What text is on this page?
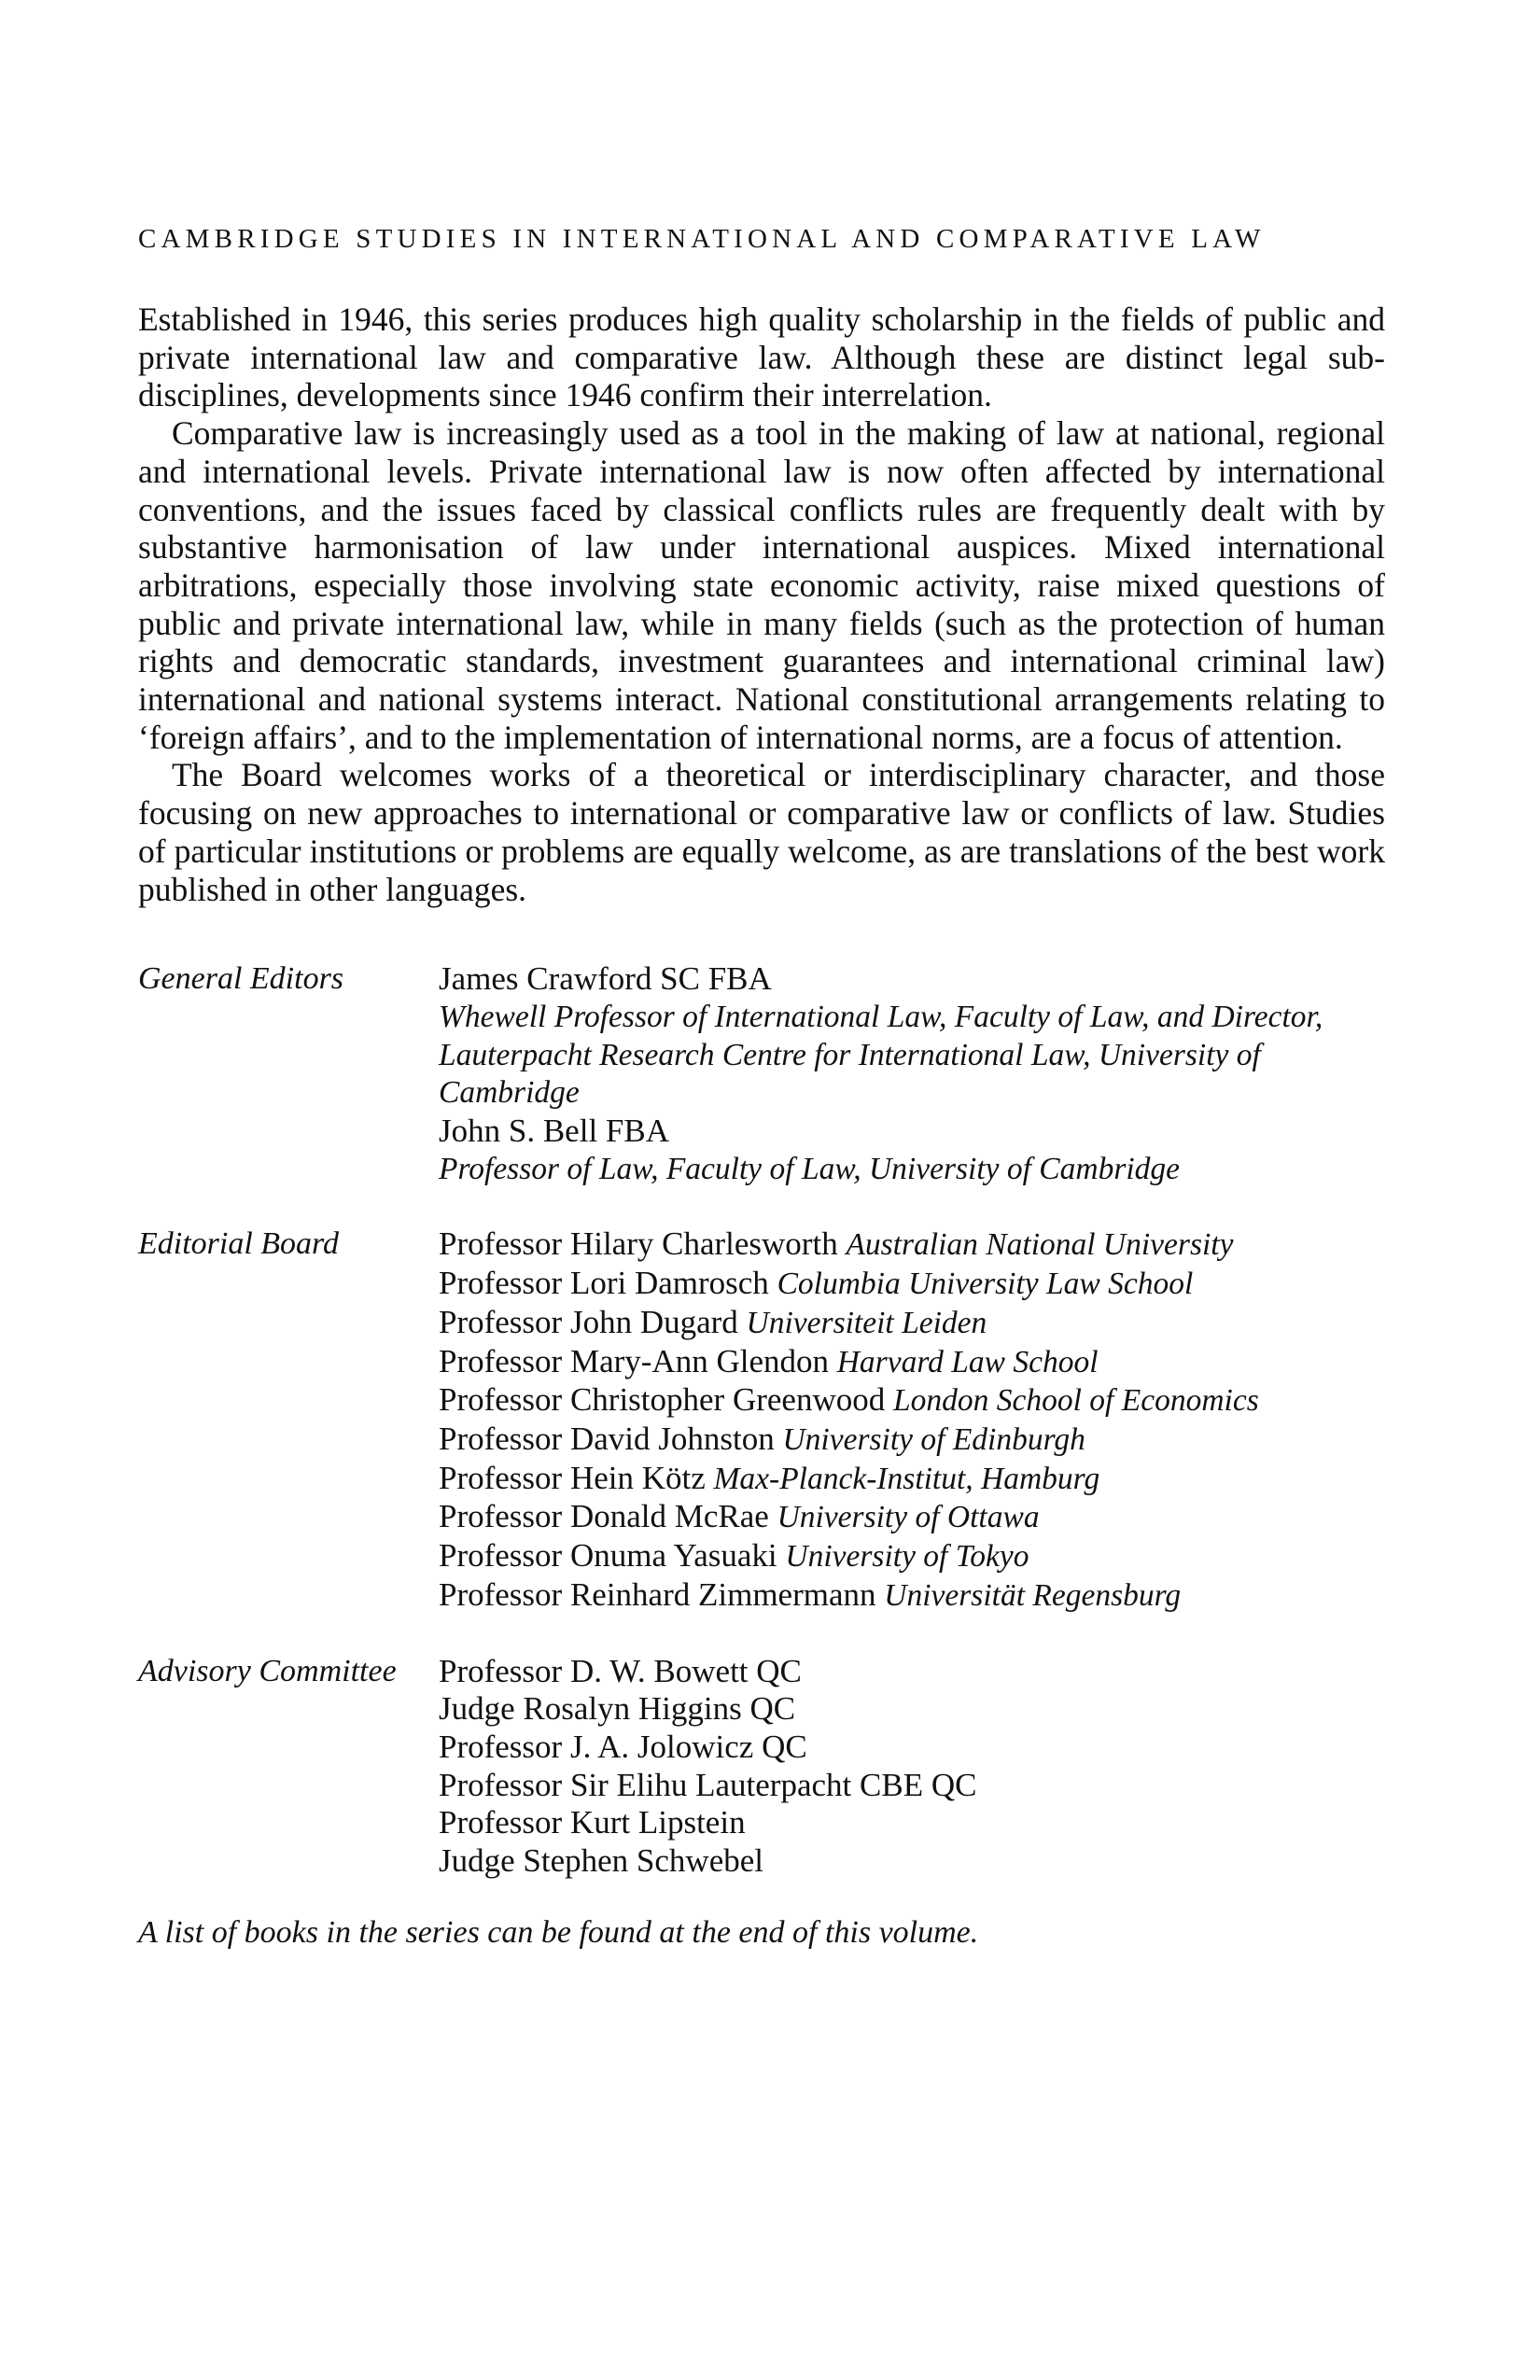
CAMBRIDGE STUDIES IN INTERNATIONAL AND COMPARATIVE LAW

Established in 1946, this series produces high quality scholarship in the fields of public and private international law and comparative law. Although these are distinct legal sub-disciplines, developments since 1946 confirm their interrelation.

Comparative law is increasingly used as a tool in the making of law at national, regional and international levels. Private international law is now often affected by international conventions, and the issues faced by classical conflicts rules are frequently dealt with by substantive harmonisation of law under international auspices. Mixed international arbitrations, especially those involving state economic activity, raise mixed questions of public and private international law, while in many fields (such as the protection of human rights and democratic standards, investment guarantees and international criminal law) international and national systems interact. National constitutional arrangements relating to ‘foreign affairs’, and to the implementation of international norms, are a focus of attention.

The Board welcomes works of a theoretical or interdisciplinary character, and those focusing on new approaches to international or comparative law or conflicts of law. Studies of particular institutions or problems are equally welcome, as are translations of the best work published in other languages.

General Editors	James Crawford SC FBA
Whewell Professor of International Law, Faculty of Law, and Director, Lauterpacht Research Centre for International Law, University of Cambridge
John S. Bell FBA
Professor of Law, Faculty of Law, University of Cambridge
Editorial Board	Professor Hilary Charlesworth Australian National University
Professor Lori Damrosch Columbia University Law School
Professor John Dugard Universiteit Leiden
Professor Mary-Ann Glendon Harvard Law School
Professor Christopher Greenwood London School of Economics
Professor David Johnston University of Edinburgh
Professor Hein Kötz Max-Planck-Institut, Hamburg
Professor Donald McRae University of Ottawa
Professor Onuma Yasuaki University of Tokyo
Professor Reinhard Zimmermann Universität Regensburg
Advisory Committee	Professor D. W. Bowett QC
Judge Rosalyn Higgins QC
Professor J. A. Jolowicz QC
Professor Sir Elihu Lauterpacht CBE QC
Professor Kurt Lipstein
Judge Stephen Schwebel

A list of books in the series can be found at the end of this volume.
